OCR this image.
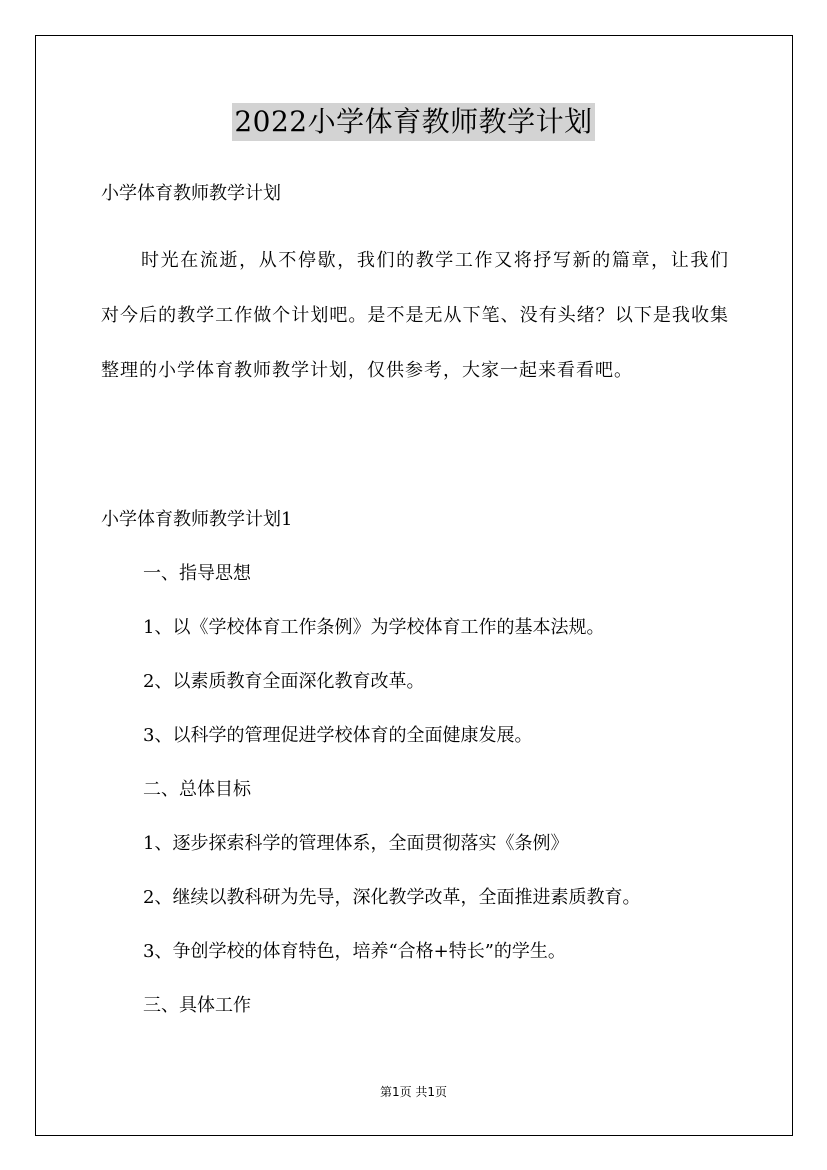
2022小学体育教师教学计划
小学体育教师教学计划
时光在流逝，从不停歇，我们的教学工作又将抒写新的篇章，让我们对今后的教学工作做个计划吧。是不是无从下笔、没有头绪？以下是我收集整理的小学体育教师教学计划，仅供参考，大家一起来看看吧。
小学体育教师教学计划1
一、指导思想
1、以《学校体育工作条例》为学校体育工作的基本法规。
2、以素质教育全面深化教育改革。
3、以科学的管理促进学校体育的全面健康发展。
二、总体目标
1、逐步探索科学的管理体系，全面贯彻落实《条例》
2、继续以教科研为先导，深化教学改革，全面推进素质教育。
3、争创学校的体育特色，培养“合格+特长”的学生。
三、具体工作
第1页 共1页
